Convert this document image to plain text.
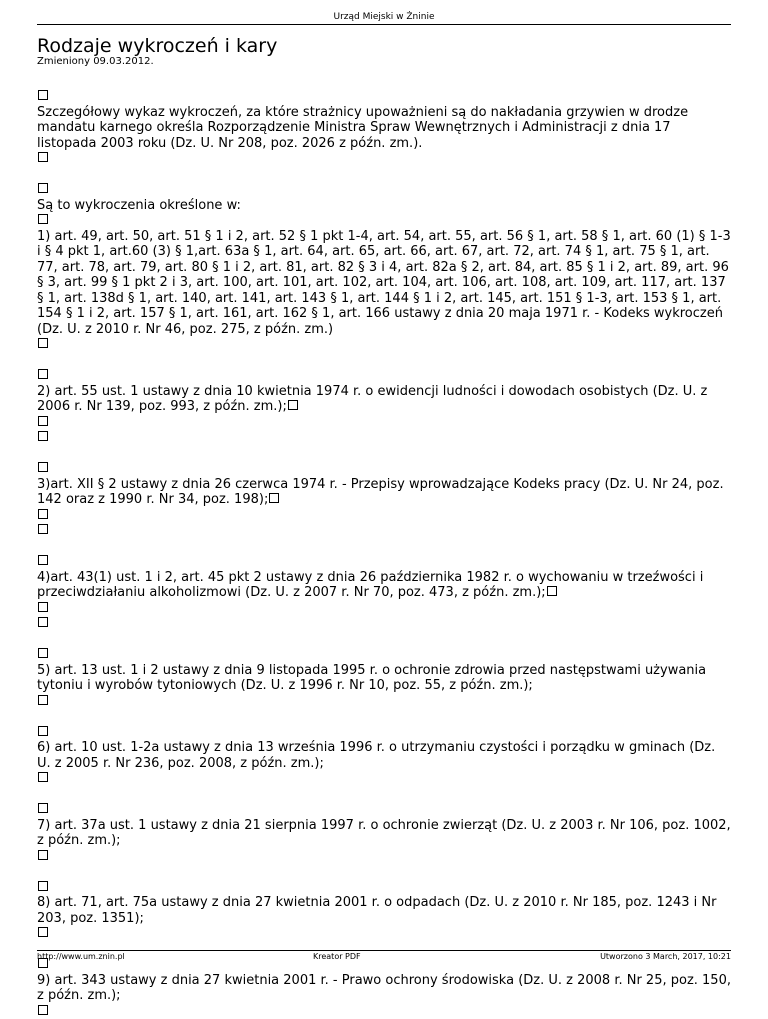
Urząd Miejski w Żninie
Rodzaje wykroczeń i kary
Zmieniony 09.03.2012.

Szczegółowy wykaz wykroczeń, za które strażnicy upoważnieni są do nakładania grzywien w drodze mandatu karnego określa Rozporządzenie Ministra Spraw Wewnętrznych i Administracji z dnia 17 listopada 2003 roku (Dz. U. Nr 208, poz. 2026 z późn. zm.).

Są to wykroczenia określone w:

1) art. 49, art. 50, art. 51 § 1 i 2, art. 52 § 1 pkt 1-4, art. 54, art. 55, art. 56 § 1, art. 58 § 1, art. 60 (1) § 1-3 i § 4 pkt 1, art.60 (3) § 1,art. 63a § 1, art. 64, art. 65, art. 66, art. 67, art. 72, art. 74 § 1, art. 75 § 1, art. 77, art. 78, art. 79, art. 80 § 1 i 2, art. 81, art. 82 § 3 i 4, art. 82a § 2, art. 84, art. 85 § 1 i 2, art. 89, art. 96 § 3, art. 99 § 1 pkt 2 i 3, art. 100, art. 101, art. 102, art. 104, art. 106, art. 108, art. 109, art. 117, art. 137 § 1, art. 138d § 1, art. 140, art. 141, art. 143 § 1, art. 144 § 1 i 2, art. 145, art. 151 § 1-3, art. 153 § 1, art. 154 § 1 i 2, art. 157 § 1, art. 161, art. 162 § 1, art. 166 ustawy z dnia 20 maja 1971 r. - Kodeks wykroczeń (Dz. U. z 2010 r. Nr 46, poz. 275, z późn. zm.)

2) art. 55 ust. 1 ustawy z dnia 10 kwietnia 1974 r. o ewidencji ludności i dowodach osobistych (Dz. U. z 2006 r. Nr 139, poz. 993, z późn. zm.);

3)art. XII § 2 ustawy z dnia 26 czerwca 1974 r. - Przepisy wprowadzające Kodeks pracy (Dz. U. Nr 24, poz. 142 oraz z 1990 r. Nr 34, poz. 198);

4)art. 43(1) ust. 1 i 2, art. 45 pkt 2 ustawy z dnia 26 października 1982 r. o wychowaniu w trzeźwości i przeciwdziałaniu alkoholizmowi (Dz. U. z 2007 r. Nr 70, poz. 473, z późn. zm.);

5) art. 13 ust. 1 i 2 ustawy z dnia 9 listopada 1995 r. o ochronie zdrowia przed następstwami używania tytoniu i wyrobów tytoniowych (Dz. U. z 1996 r. Nr 10, poz. 55, z późn. zm.);

6) art. 10 ust. 1-2a ustawy z dnia 13 września 1996 r. o utrzymaniu czystości i porządku w gminach (Dz. U. z 2005 r. Nr 236, poz. 2008, z późn. zm.);

7) art. 37a ust. 1 ustawy z dnia 21 sierpnia 1997 r. o ochronie zwierząt (Dz. U. z 2003 r. Nr 106, poz. 1002, z późn. zm.);

8) art. 71, art. 75a ustawy z dnia 27 kwietnia 2001 r. o odpadach (Dz. U. z 2010 r. Nr 185, poz. 1243 i Nr 203, poz. 1351);

9) art. 343 ustawy z dnia 27 kwietnia 2001 r. - Prawo ochrony środowiska (Dz. U. z 2008 r. Nr 25, poz. 150, z późn. zm.);

http://www.um.znin.pl	Kreator PDF	Utworzono 3 March, 2017, 10:21
